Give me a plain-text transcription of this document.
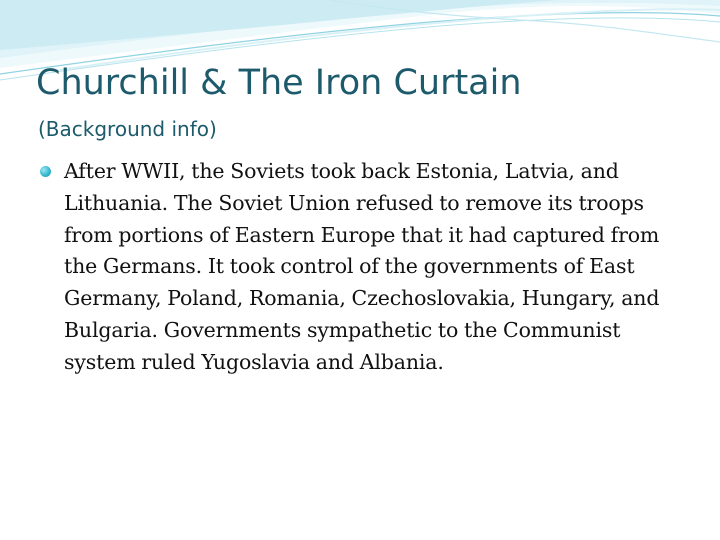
Churchill & The Iron Curtain

(Background info)

After WWII, the Soviets took back Estonia, Latvia, and Lithuania. The Soviet Union refused to remove its troops from portions of Eastern Europe that it had captured from the Germans. It took control of the governments of East Germany, Poland, Romania, Czechoslovakia, Hungary, and Bulgaria. Governments sympathetic to the Communist system ruled Yugoslavia and Albania.
